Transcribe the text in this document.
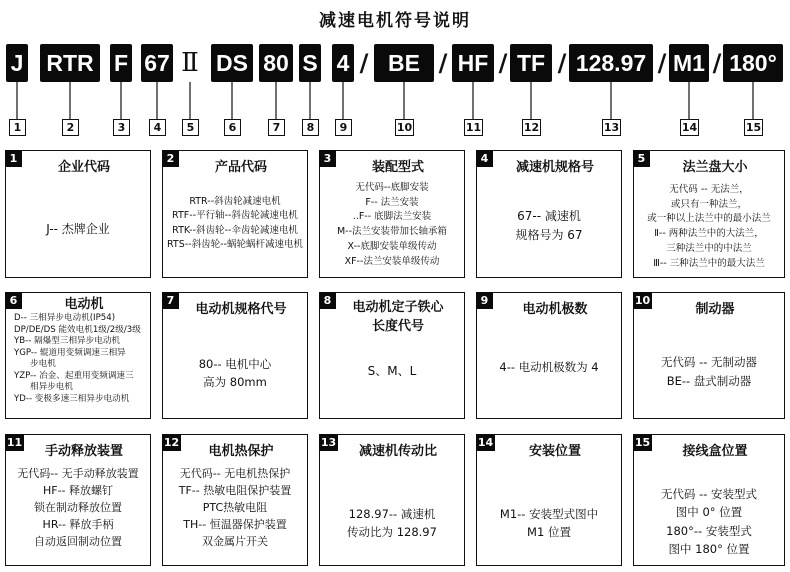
减速电机符号说明
J RTR F 67 Ⅱ DS 80 S 4 / BE / HF / TF / 128.97 / M1 / 180°
1	2	3	4	5	6	7	8	9	10	11	12	13	14	15
1
企业代码
J-- 杰牌企业
2
产品代码
RTR--斜齿轮减速电机
RTF--平行轴--斜齿轮减速电机
RTK--斜齿轮--伞齿轮减速电机
RTS--斜齿轮--蜗轮蜗杆减速电机
3
装配型式
无代码--底脚安装
F-- 法兰安装
..F-- 底脚法兰安装
M--法兰安装带加长轴承箱
X--底脚安装单级传动
XF--法兰安装单级传动
4
减速机规格号
67-- 减速机
规格号为 67
5
法兰盘大小
无代码 -- 无法兰，
或只有一种法兰，
或一种以上法兰中的最小法兰
Ⅱ-- 两种法兰中的大法兰，
三种法兰中的中法兰
Ⅲ-- 三种法兰中的最大法兰
6	电动机
D-- 三相异步电动机(IP54)
DP/DE/DS 能效电机1级/2级/3级
YB-- 隔爆型三相异步电动机
YGP-- 辊道用变频调速三相异
步电机
YZP-- 冶金、起重用变频调速三
相异步电机
YD-- 变极多速三相异步电动机
7
电动机规格代号
80-- 电机中心
高为 80mm
8	电动机定子铁心
长度代号
S、M、L
9
电动机极数
4-- 电动机极数为 4
10
制动器
无代码 -- 无制动器
BE-- 盘式制动器
11
手动释放装置
无代码-- 无手动释放装置
HF-- 释放螺钉
锁在制动释放位置
HR-- 释放手柄
自动返回制动位置
12
电机热保护
无代码-- 无电机热保护
TF-- 热敏电阻保护装置
PTC热敏电阻
TH-- 恒温器保护装置
双金属片开关
13
减速机传动比
128.97-- 减速机
传动比为 128.97
14
安装位置
M1-- 安装型式图中
M1 位置
15
接线盒位置
无代码 -- 安装型式
图中 0° 位置
180°-- 安装型式
图中 180° 位置
